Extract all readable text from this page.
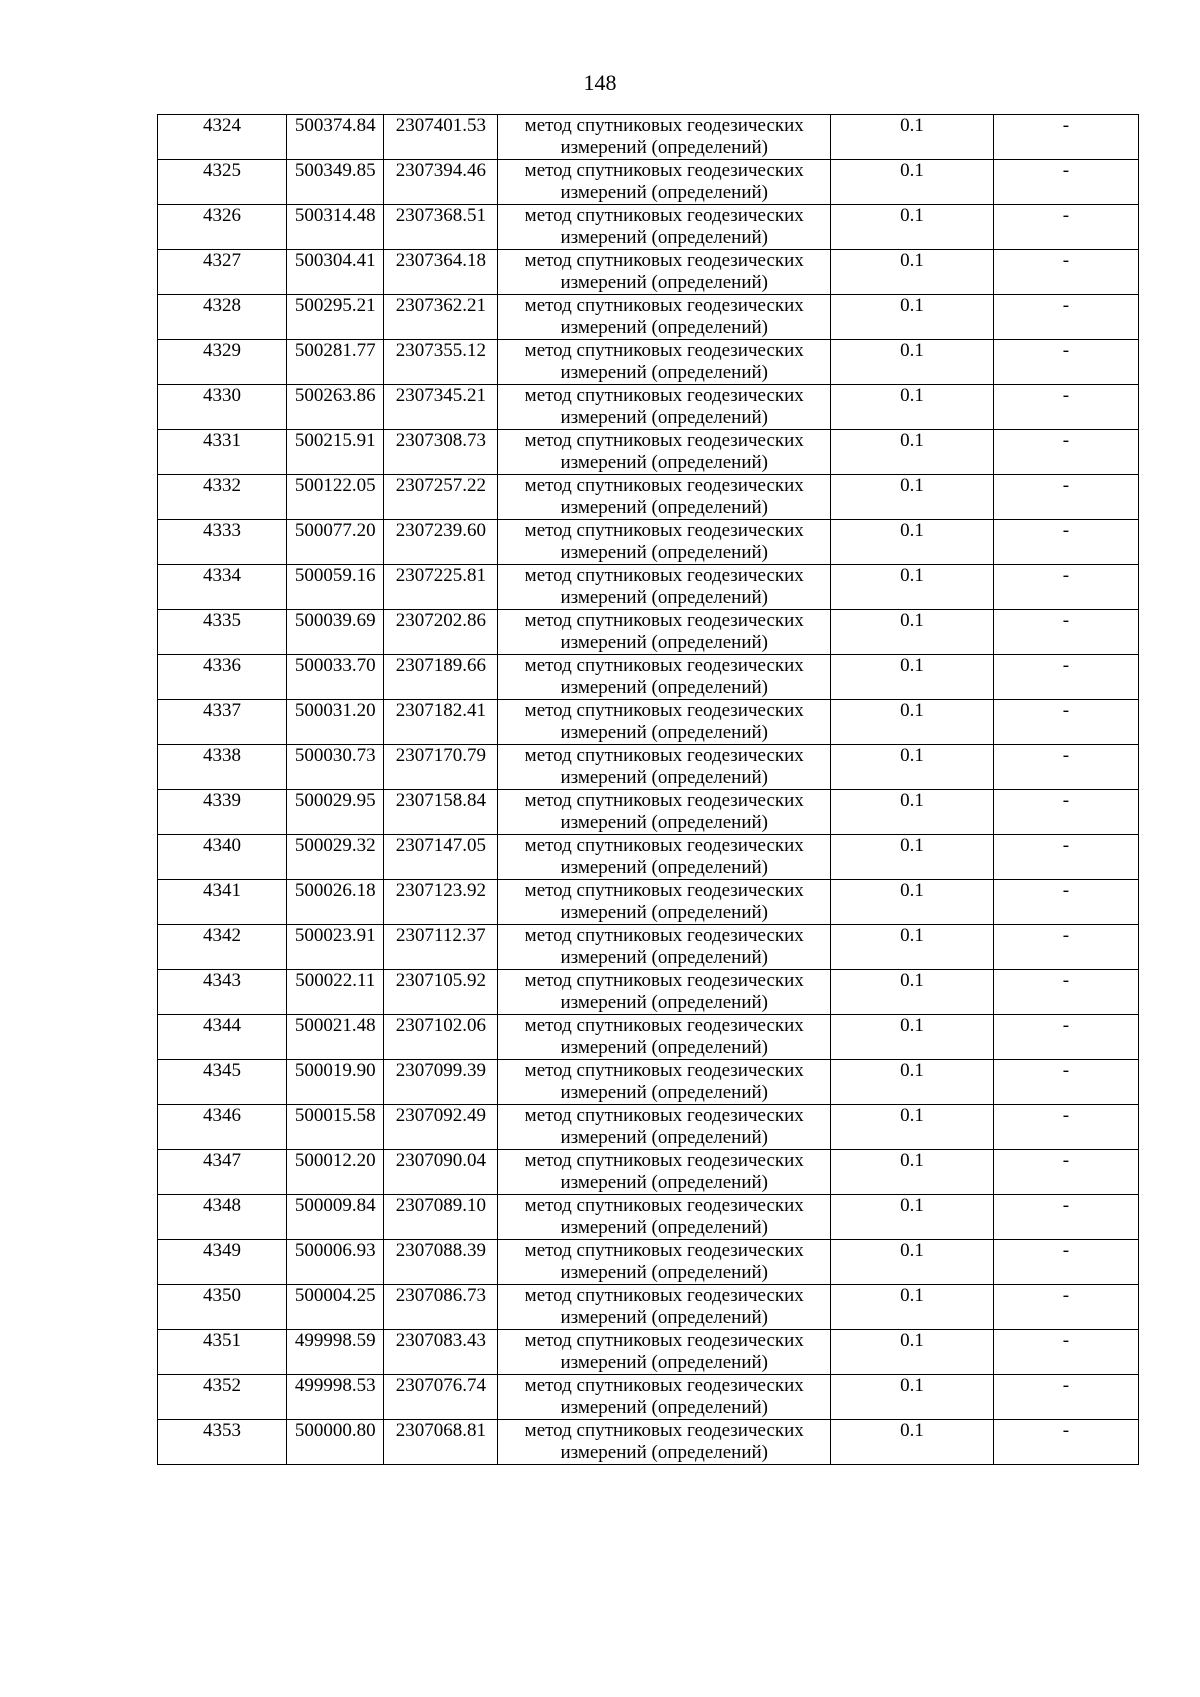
148
4324	500374.84	2307401.53	метод спутниковых геодезических измерений (определений)	0.1	-
4325	500349.85	2307394.46	метод спутниковых геодезических измерений (определений)	0.1	-
4326	500314.48	2307368.51	метод спутниковых геодезических измерений (определений)	0.1	-
4327	500304.41	2307364.18	метод спутниковых геодезических измерений (определений)	0.1	-
4328	500295.21	2307362.21	метод спутниковых геодезических измерений (определений)	0.1	-
4329	500281.77	2307355.12	метод спутниковых геодезических измерений (определений)	0.1	-
4330	500263.86	2307345.21	метод спутниковых геодезических измерений (определений)	0.1	-
4331	500215.91	2307308.73	метод спутниковых геодезических измерений (определений)	0.1	-
4332	500122.05	2307257.22	метод спутниковых геодезических измерений (определений)	0.1	-
4333	500077.20	2307239.60	метод спутниковых геодезических измерений (определений)	0.1	-
4334	500059.16	2307225.81	метод спутниковых геодезических измерений (определений)	0.1	-
4335	500039.69	2307202.86	метод спутниковых геодезических измерений (определений)	0.1	-
4336	500033.70	2307189.66	метод спутниковых геодезических измерений (определений)	0.1	-
4337	500031.20	2307182.41	метод спутниковых геодезических измерений (определений)	0.1	-
4338	500030.73	2307170.79	метод спутниковых геодезических измерений (определений)	0.1	-
4339	500029.95	2307158.84	метод спутниковых геодезических измерений (определений)	0.1	-
4340	500029.32	2307147.05	метод спутниковых геодезических измерений (определений)	0.1	-
4341	500026.18	2307123.92	метод спутниковых геодезических измерений (определений)	0.1	-
4342	500023.91	2307112.37	метод спутниковых геодезических измерений (определений)	0.1	-
4343	500022.11	2307105.92	метод спутниковых геодезических измерений (определений)	0.1	-
4344	500021.48	2307102.06	метод спутниковых геодезических измерений (определений)	0.1	-
4345	500019.90	2307099.39	метод спутниковых геодезических измерений (определений)	0.1	-
4346	500015.58	2307092.49	метод спутниковых геодезических измерений (определений)	0.1	-
4347	500012.20	2307090.04	метод спутниковых геодезических измерений (определений)	0.1	-
4348	500009.84	2307089.10	метод спутниковых геодезических измерений (определений)	0.1	-
4349	500006.93	2307088.39	метод спутниковых геодезических измерений (определений)	0.1	-
4350	500004.25	2307086.73	метод спутниковых геодезических измерений (определений)	0.1	-
4351	499998.59	2307083.43	метод спутниковых геодезических измерений (определений)	0.1	-
4352	499998.53	2307076.74	метод спутниковых геодезических измерений (определений)	0.1	-
4353	500000.80	2307068.81	метод спутниковых геодезических измерений (определений)	0.1	-
